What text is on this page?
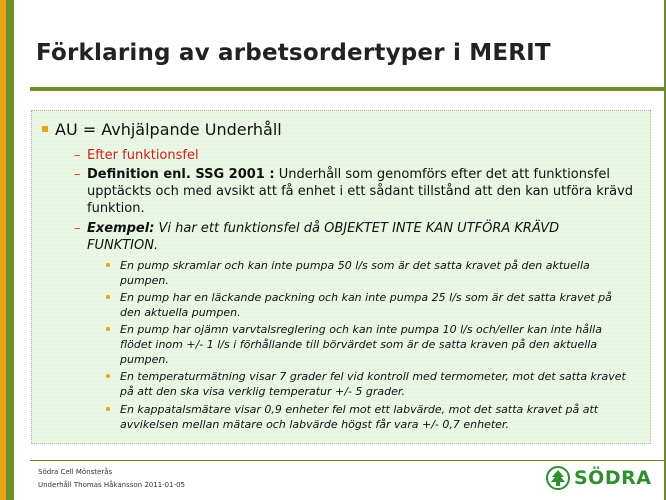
Förklaring av arbetsordertyper i MERIT
AU = Avhjälpande Underhåll
– Efter funktionsfel
– Definition enl. SSG 2001 : Underhåll som genomförs efter det att funktionsfel upptäckts och med avsikt att få enhet i ett sådant tillstånd att den kan utföra krävd funktion.
– Exempel: Vi har ett funktionsfel då OBJEKTET INTE KAN UTFÖRA KRÄVD FUNKTION.
En pump skramlar och kan inte pumpa 50 l/s som är det satta kravet på den aktuella pumpen.
En pump har en läckande packning och kan inte pumpa 25 l/s som är det satta kravet på den aktuella pumpen.
En pump har ojämn varvtalsreglering och kan inte pumpa 10 l/s och/eller kan inte hålla flödet inom +/- 1 l/s i förhållande till börvärdet som är de satta kraven på den aktuella pumpen.
En temperaturmätning visar 7 grader fel vid kontroll med termometer, mot det satta kravet på att den ska visa verklig temperatur +/- 5 grader.
En kappatalsmätare visar 0,9 enheter fel mot ett labvärde, mot det satta kravet på att avvikelsen mellan mätare och labvärde högst får vara +/- 0,7 enheter.
Södra Cell Mönsterås
Underhåll Thomas Håkansson 2011-01-05	SÖDRA
